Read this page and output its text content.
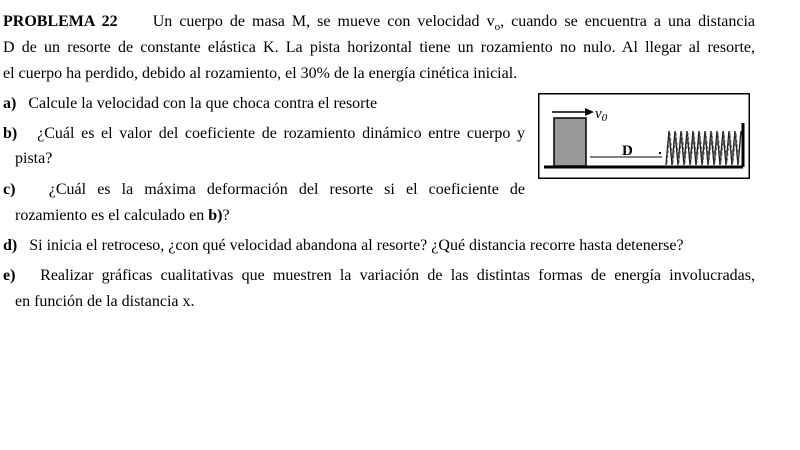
PROBLEMA 22 Un cuerpo de masa M, se mueve con velocidad $v_o$, cuando se encuentra a una distancia
D de un resorte de constante elástica K. La pista horizontal tiene un rozamiento no nulo. Al llegar al resorte,
el cuerpo ha perdido, debido al rozamiento, el 30% de la energía cinética inicial.
a) Calcule la velocidad con la que choca contra el resorte
b) ¿Cuál es el valor del coeficiente de rozamiento dinámico entre cuerpo y
pista?
c) ¿Cuál es la máxima deformación del resorte si el coeficiente de
rozamiento es el calculado en b)?
d) Si inicia el retroceso, ¿con qué velocidad abandona al resorte? ¿Qué distancia recorre hasta detenerse?
e) Realizar gráficas cualitativas que muestren la variación de las distintas formas de energía involucradas,
en función de la distancia x.
$v_0$
D
